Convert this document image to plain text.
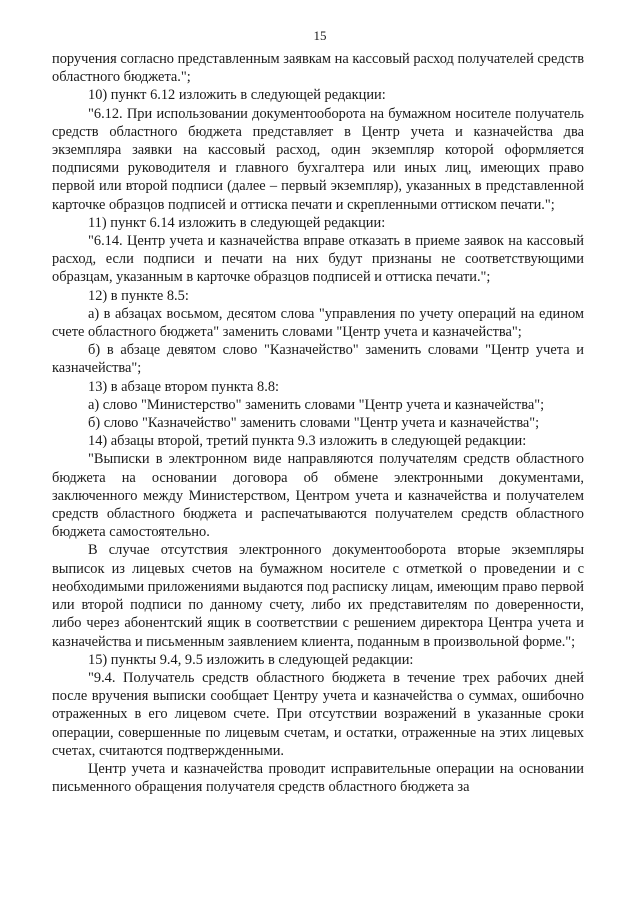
15

поручения согласно представленным заявкам на кассовый расход получателей средств областного бюджета.";

10) пункт 6.12 изложить в следующей редакции:

"6.12. При использовании документооборота на бумажном носителе получатель средств областного бюджета представляет в Центр учета и казначейства два экземпляра заявки на кассовый расход, один экземпляр которой оформляется подписями руководителя и главного бухгалтера или иных лиц, имеющих право первой или второй подписи (далее – первый экземпляр), указанных в представленной карточке образцов подписей и оттиска печати и скрепленными оттиском печати.";

11) пункт 6.14 изложить в следующей редакции:

"6.14. Центр учета и казначейства вправе отказать в приеме заявок на кассовый расход, если подписи и печати на них будут признаны не соответствующими образцам, указанным в карточке образцов подписей и оттиска печати.";

12) в пункте 8.5:

а) в абзацах восьмом, десятом слова "управления по учету операций на едином счете областного бюджета" заменить словами "Центр учета и казначейства";

б) в абзаце девятом слово "Казначейство" заменить словами "Центр учета и казначейства";

13) в абзаце втором пункта 8.8:

а) слово "Министерство" заменить словами "Центр учета и казначейства";

б) слово "Казначейство" заменить словами "Центр учета и казначейства";

14) абзацы второй, третий пункта 9.3 изложить в следующей редакции:

"Выписки в электронном виде направляются получателям средств областного бюджета на основании договора об обмене электронными документами, заключенного между Министерством, Центром учета и казначейства и получателем средств областного бюджета и распечатываются получателем средств областного бюджета самостоятельно.

В случае отсутствия электронного документооборота вторые экземпляры выписок из лицевых счетов на бумажном носителе с отметкой о проведении и с необходимыми приложениями выдаются под расписку лицам, имеющим право первой или второй подписи по данному счету, либо их представителям по доверенности, либо через абонентский ящик в соответствии с решением директора Центра учета и казначейства и письменным заявлением клиента, поданным в произвольной форме.";

15) пункты 9.4, 9.5 изложить в следующей редакции:

"9.4. Получатель средств областного бюджета в течение трех рабочих дней после вручения выписки сообщает Центру учета и казначейства о суммах, ошибочно отраженных в его лицевом счете. При отсутствии возражений в указанные сроки операции, совершенные по лицевым счетам, и остатки, отраженные на этих лицевых счетах, считаются подтвержденными.

Центр учета и казначейства проводит исправительные операции на основании письменного обращения получателя средств областного бюджета за
